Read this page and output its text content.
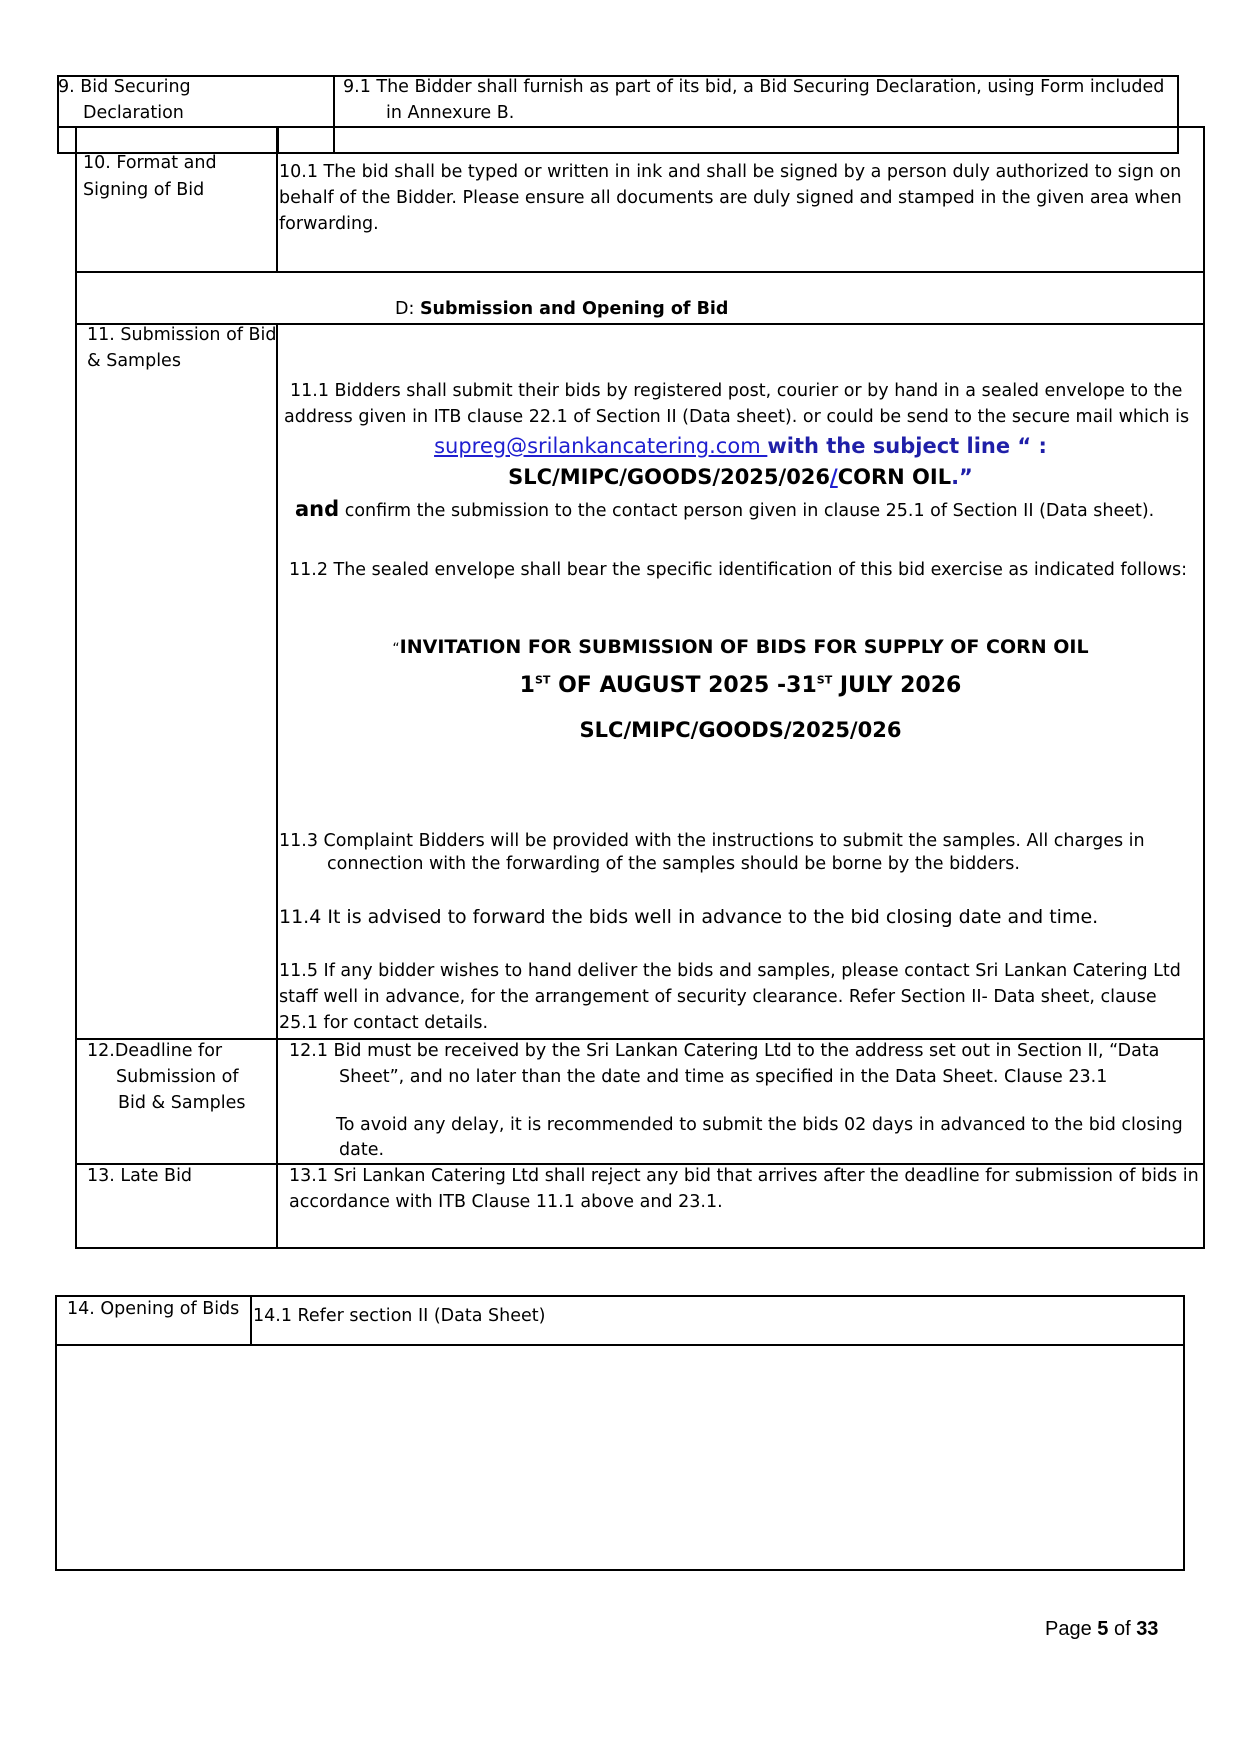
9. Bid Securing
Declaration
9.1 The Bidder shall furnish as part of its bid, a Bid Securing Declaration, using Form included
in Annexure B.
10. Format and
Signing of Bid
10.1 The bid shall be typed or written in ink and shall be signed by a person duly authorized to sign on
behalf of the Bidder. Please ensure all documents are duly signed and stamped in the given area when
forwarding.
D: Submission and Opening of Bid
11. Submission of Bid
& Samples
11.1 Bidders shall submit their bids by registered post, courier or by hand in a sealed envelope to the
address given in ITB clause 22.1 of Section II (Data sheet). or could be send to the secure mail which is
supreg@srilankancatering.com with the subject line “ :
SLC/MIPC/GOODS/2025/026/CORN OIL.”
and confirm the submission to the contact person given in clause 25.1 of Section II (Data sheet).
11.2 The sealed envelope shall bear the specific identification of this bid exercise as indicated follows:
“INVITATION FOR SUBMISSION OF BIDS FOR SUPPLY OF CORN OIL
1ST OF AUGUST 2025 -31ST JULY 2026
SLC/MIPC/GOODS/2025/026
11.3 Complaint Bidders will be provided with the instructions to submit the samples. All charges in
connection with the forwarding of the samples should be borne by the bidders.
11.4 It is advised to forward the bids well in advance to the bid closing date and time.
11.5 If any bidder wishes to hand deliver the bids and samples, please contact Sri Lankan Catering Ltd
staff well in advance, for the arrangement of security clearance. Refer Section II- Data sheet, clause
25.1 for contact details.
12.Deadline for
Submission of
Bid & Samples
12.1 Bid must be received by the Sri Lankan Catering Ltd to the address set out in Section II, “Data
Sheet”, and no later than the date and time as specified in the Data Sheet. Clause 23.1
To avoid any delay, it is recommended to submit the bids 02 days in advanced to the bid closing
date.
13. Late Bid	13.1 Sri Lankan Catering Ltd shall reject any bid that arrives after the deadline for submission of bids in
accordance with ITB Clause 11.1 above and 23.1.
14. Opening of Bids 14.1 Refer section II (Data Sheet)
Page 5 of 33
